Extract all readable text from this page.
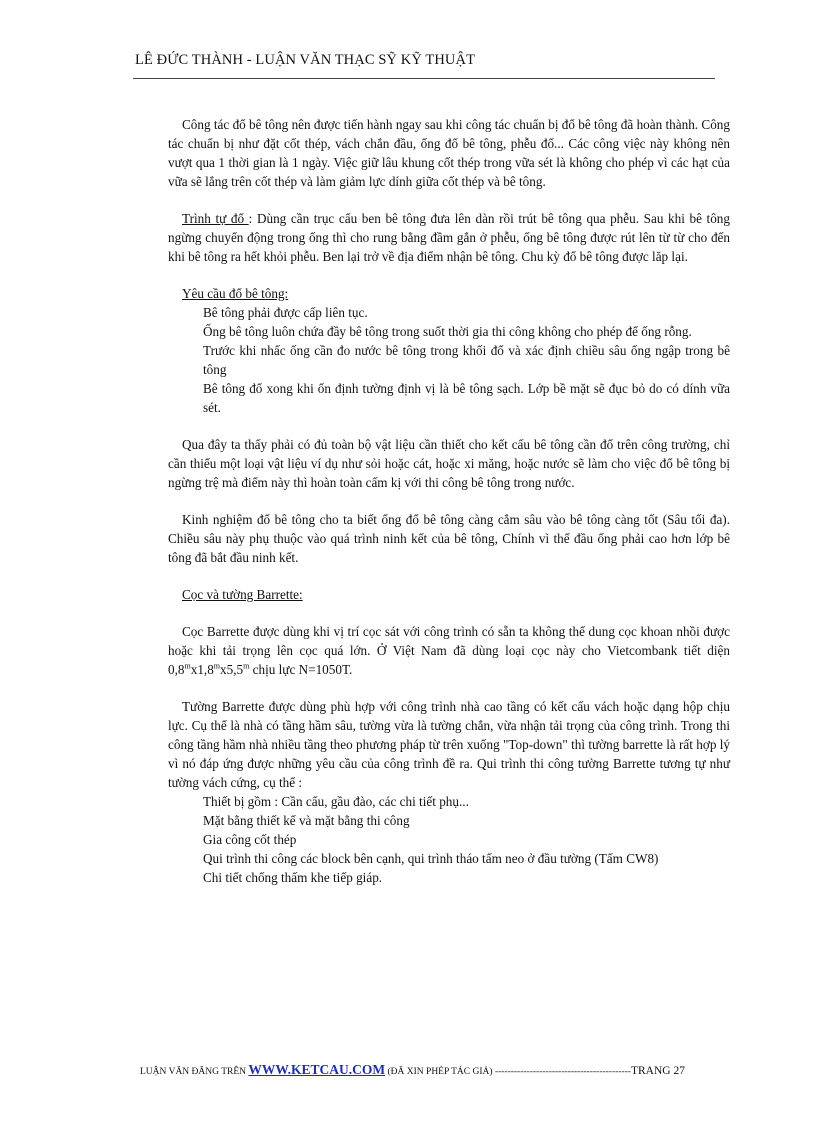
LÊ ĐỨC THÀNH - LUẬN VĂN THẠC SỸ KỸ THUẬT

Công tác đổ bê tông nên được tiến hành ngay sau khi công tác chuẩn bị đổ bê tông đã hoàn thành. Công tác chuẩn bị như đặt cốt thép, vách chắn đầu, ống đổ bê tông, phễu đổ... Các công việc này không nên vượt qua 1 thời gian là 1 ngày. Việc giữ lâu khung cốt thép trong vữa sét là không cho phép vì các hạt của vữa sẽ lắng trên cốt thép và làm giảm lực dính giữa cốt thép và bê tông.

Trình tự đổ : Dùng cần trục cẩu ben bê tông đưa lên dàn rồi trút bê tông qua phễu. Sau khi bê tông ngừng chuyển động trong ống thì cho rung bằng đầm gắn ở phễu, ống bê tông được rút lên từ từ cho đến khi bê tông ra hết khỏi phễu. Ben lại trở về địa điểm nhận bê tông. Chu kỳ đổ bê tông được lăp lại.

Yêu cầu đổ bê tông:
Bê tông phải được cấp liên tục.
Ống bê tông luôn chứa đầy bê tông trong suốt thời gia thi công không cho phép để ống rỗng.
Trước khi nhấc ống cần đo nước bê tông trong khối đổ và xác định chiều sâu ống ngập trong bê tông
Bê tông đổ xong khi ổn định tường định vị là bê tông sạch. Lớp bề mặt sẽ đục bỏ do có dính vữa sét.

Qua đây ta thấy phải có đủ toàn bộ vật liệu cần thiết cho kết cấu bê tông cần đổ trên công trường, chỉ cần thiếu một loại vật liệu ví dụ như sỏi hoặc cát, hoặc xi măng, hoặc nước sẽ làm cho việc đổ bê tông bị ngừng trệ mà điểm này thì hoàn toàn cấm kị với thi công bê tông trong nước.

Kinh nghiệm đổ bê tông cho ta biết ống đổ bê tông càng cắm sâu vào bê tông càng tốt (Sâu tối đa). Chiều sâu này phụ thuộc vào quá trình ninh kết của bê tông, Chính vì thế đầu ống phải cao hơn lớp bê tông đã bắt đầu ninh kết.

Cọc và tường Barrette:

Cọc Barrette được dùng khi vị trí cọc sát với công trình có sẵn ta không thể dung cọc khoan nhồi được hoặc khi tải trọng lên cọc quá lớn. Ở Việt Nam đã dùng loại cọc này cho Vietcombank tiết diện 0,8$^m$x1,8$^m$x5,5$^m$ chịu lực N=1050T.

Tường Barrette được dùng phù hợp với công trình nhà cao tầng có kết cấu vách hoặc dạng hộp chịu lực. Cụ thể là nhà có tầng hầm sâu, tường vừa là tường chắn, vừa nhận tải trọng của công trình. Trong thi công tầng hầm nhà nhiều tầng theo phương pháp từ trên xuống "Top-down" thì tường barrette là rất hợp lý vì nó đáp ứng được những yêu cầu của công trình đề ra. Qui trình thi công tường Barrette tương tự như tường vách cứng, cụ thể :

Thiết bị gồm : Cần cẩu, gầu đào, các chi tiết phụ...
Mặt bằng thiết kế và mặt bằng thi công
Gia công cốt thép
Qui trình thi công các block bên cạnh, qui trình tháo tấm neo ở đầu tường (Tấm CW8)
Chi tiết chống thấm khe tiếp giáp.
LUẬN VĂN ĐĂNG TRÊN WWW.KETCAU.COM (ĐÃ XIN PHÉP TÁC GIẢ) -------------------------------------------TRANG 27
